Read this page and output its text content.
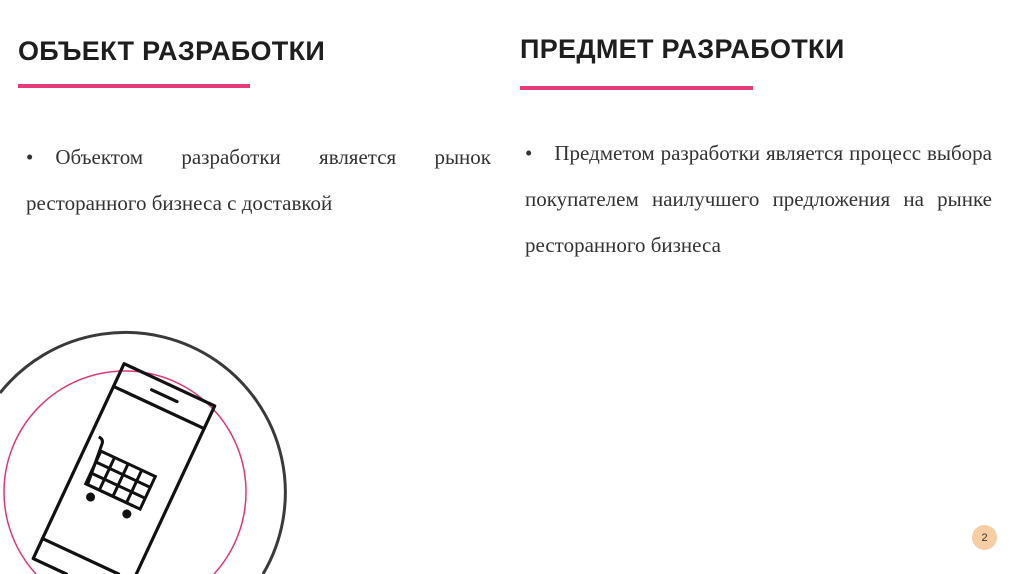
ОБЪЕКТ РАЗРАБОТКИ
• Объектом разработки является рынок ресторанного бизнеса с доставкой
ПРЕДМЕТ РАЗРАБОТКИ
• Предметом разработки является процесс выбора покупателем наилучшего предложения на рынке ресторанного бизнеса
2
